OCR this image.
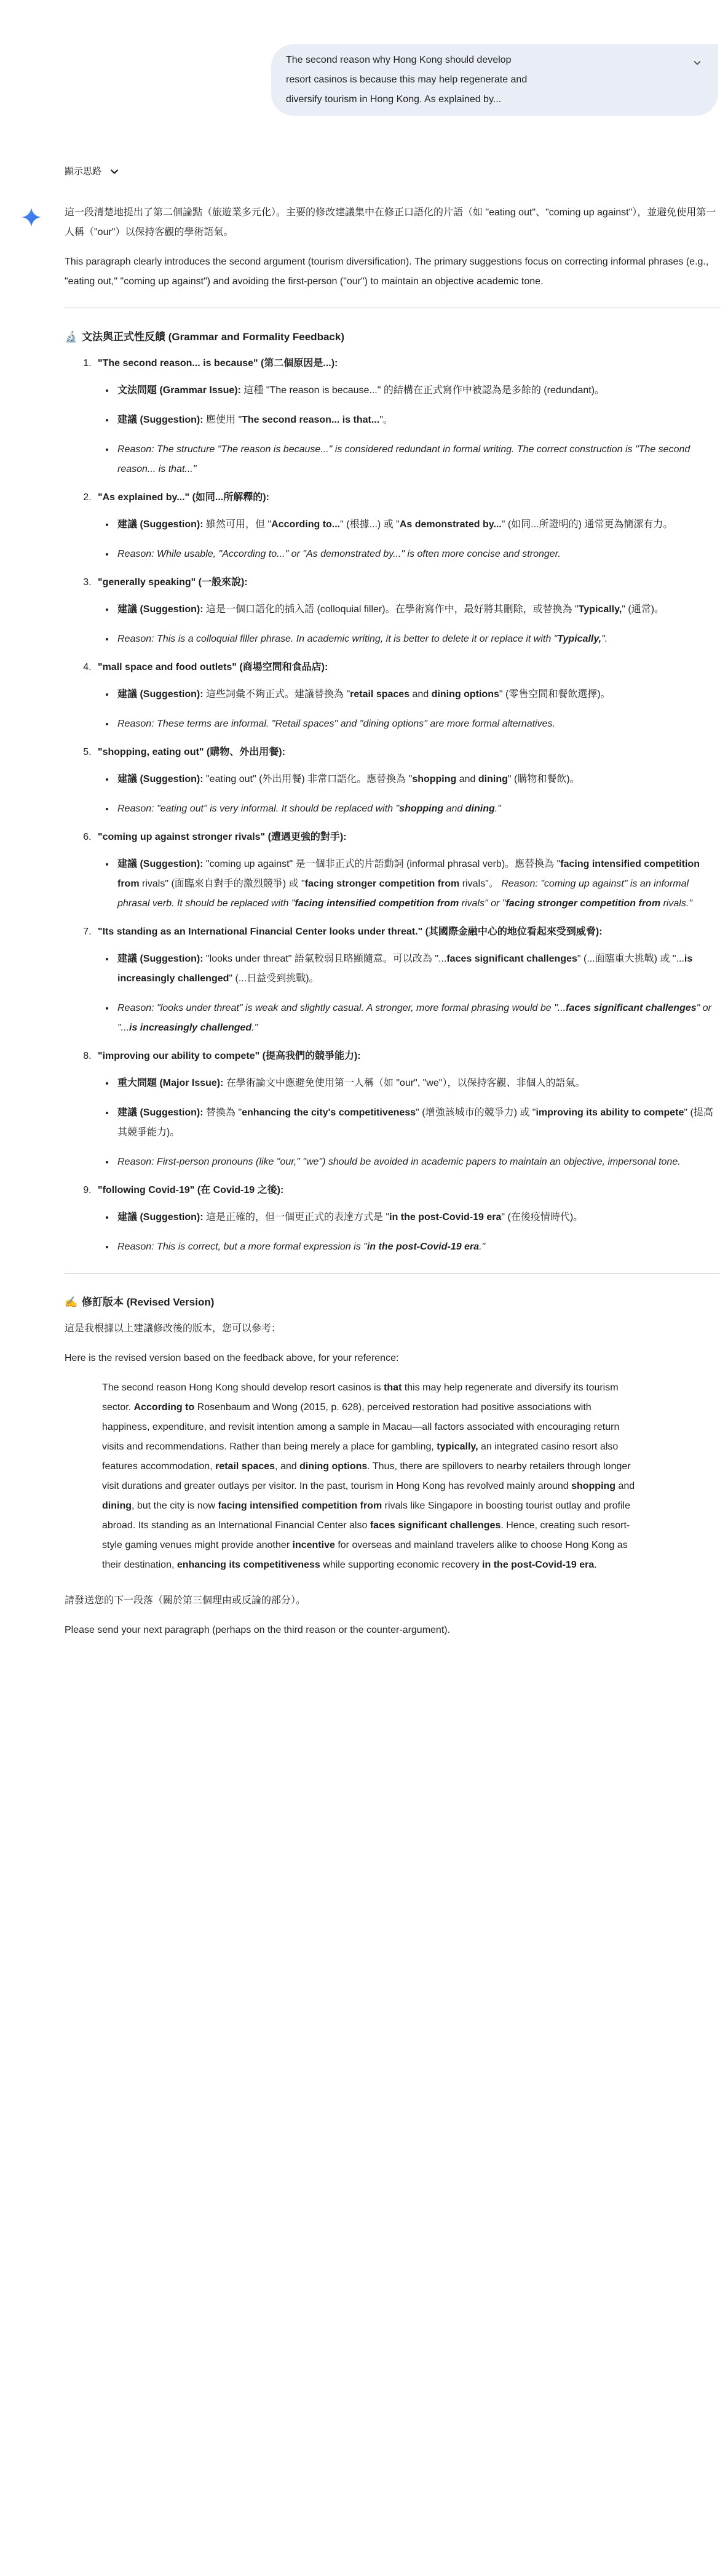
The second reason why Hong Kong should develop

resort casinos is because this may help regenerate and

diversify tourism in Hong Kong. As explained by...

顯示思路

這一段清楚地提出了第二個論點（旅遊業多元化）。主要的修改建議集中在修正口語化的片語（如 "eating out"、"coming up against"），並避免使用第一人稱（"our"）以保持客觀的學術語氣。

This paragraph clearly introduces the second argument (tourism diversification). The primary suggestions focus on correcting informal phrases (e.g., "eating out," "coming up against") and avoiding the first-person ("our") to maintain an objective academic tone.

🔬 文法與正式性反饋 (Grammar and Formality Feedback)
1. "The second reason... is because" (第二個原因是...):
• 文法問題 (Grammar Issue): 這種 "The reason is because..." 的結構在正式寫作中被認為是多餘的 (redundant)。
• 建議 (Suggestion): 應使用 "The second reason... is that..."。
• Reason: The structure "The reason is because..." is considered redundant in formal writing. The correct construction is "The second reason... is that..."
2. "As explained by..." (如同...所解釋的):
• 建議 (Suggestion): 雖然可用，但 "According to..." (根據...) 或 "As demonstrated by..." (如同...所證明的) 通常更為簡潔有力。
• Reason: While usable, "According to..." or "As demonstrated by..." is often more concise and stronger.
3. "generally speaking" (一般來說):
• 建議 (Suggestion): 這是一個口語化的插入語 (colloquial filler)。在學術寫作中，最好將其刪除，或替換為 "Typically," (通常)。
• Reason: This is a colloquial filler phrase. In academic writing, it is better to delete it or replace it with "Typically,".
4. "mall space and food outlets" (商場空間和食品店):
• 建議 (Suggestion): 這些詞彙不夠正式。建議替換為 "retail spaces and dining options" (零售空間和餐飲選擇)。
• Reason: These terms are informal. "Retail spaces" and "dining options" are more formal alternatives.
5. "shopping, eating out" (購物、外出用餐):
• 建議 (Suggestion): "eating out" (外出用餐) 非常口語化。應替換為 "shopping and dining" (購物和餐飲)。
• Reason: "eating out" is very informal. It should be replaced with "shopping and dining."
6. "coming up against stronger rivals" (遭遇更強的對手):
• 建議 (Suggestion): "coming up against" 是一個非正式的片語動詞 (informal phrasal verb)。應替換為 "facing intensified competition from rivals" (面臨來自對手的激烈競爭) 或 "facing stronger competition from rivals"。 Reason: "coming up against" is an informal phrasal verb. It should be replaced with "facing intensified competition from rivals" or "facing stronger competition from rivals."
7. "Its standing as an International Financial Center looks under threat." (其國際金融中心的地位看起來受到威脅):
• 建議 (Suggestion): "looks under threat" 語氣較弱且略顯隨意。可以改為 "...faces significant challenges" (...面臨重大挑戰) 或 "...is increasingly challenged" (...日益受到挑戰)。
• Reason: "looks under threat" is weak and slightly casual. A stronger, more formal phrasing would be "...faces significant challenges" or "...is increasingly challenged."
8. "improving our ability to compete" (提高我們的競爭能力):
• 重大問題 (Major Issue): 在學術論文中應避免使用第一人稱（如 "our", "we"），以保持客觀、非個人的語氣。
• 建議 (Suggestion): 替換為 "enhancing the city's competitiveness" (增強該城市的競爭力) 或 "improving its ability to compete" (提高其競爭能力)。
• Reason: First-person pronouns (like "our," "we") should be avoided in academic papers to maintain an objective, impersonal tone.
9. "following Covid-19" (在 Covid-19 之後):
• 建議 (Suggestion): 這是正確的，但一個更正式的表達方式是 "in the post-Covid-19 era" (在後疫情時代)。
• Reason: This is correct, but a more formal expression is "in the post-Covid-19 era."
✍️ 修訂版本 (Revised Version)

這是我根據以上建議修改後的版本，您可以參考：

Here is the revised version based on the feedback above, for your reference:

The second reason Hong Kong should develop resort casinos is that this may help regenerate and diversify its tourism sector. According to Rosenbaum and Wong (2015, p. 628), perceived restoration had positive associations with happiness, expenditure, and revisit intention among a sample in Macau—all factors associated with encouraging return visits and recommendations. Rather than being merely a place for gambling, typically, an integrated casino resort also features accommodation, retail spaces, and dining options. Thus, there are spillovers to nearby retailers through longer visit durations and greater outlays per visitor. In the past, tourism in Hong Kong has revolved mainly around shopping and dining, but the city is now facing intensified competition from rivals like Singapore in boosting tourist outlay and profile abroad. Its standing as an International Financial Center also faces significant challenges. Hence, creating such resort-style gaming venues might provide another incentive for overseas and mainland travelers alike to choose Hong Kong as their destination, enhancing its competitiveness while supporting economic recovery in the post-Covid-19 era.

請發送您的下一段落（關於第三個理由或反論的部分）。

Please send your next paragraph (perhaps on the third reason or the counter-argument).
